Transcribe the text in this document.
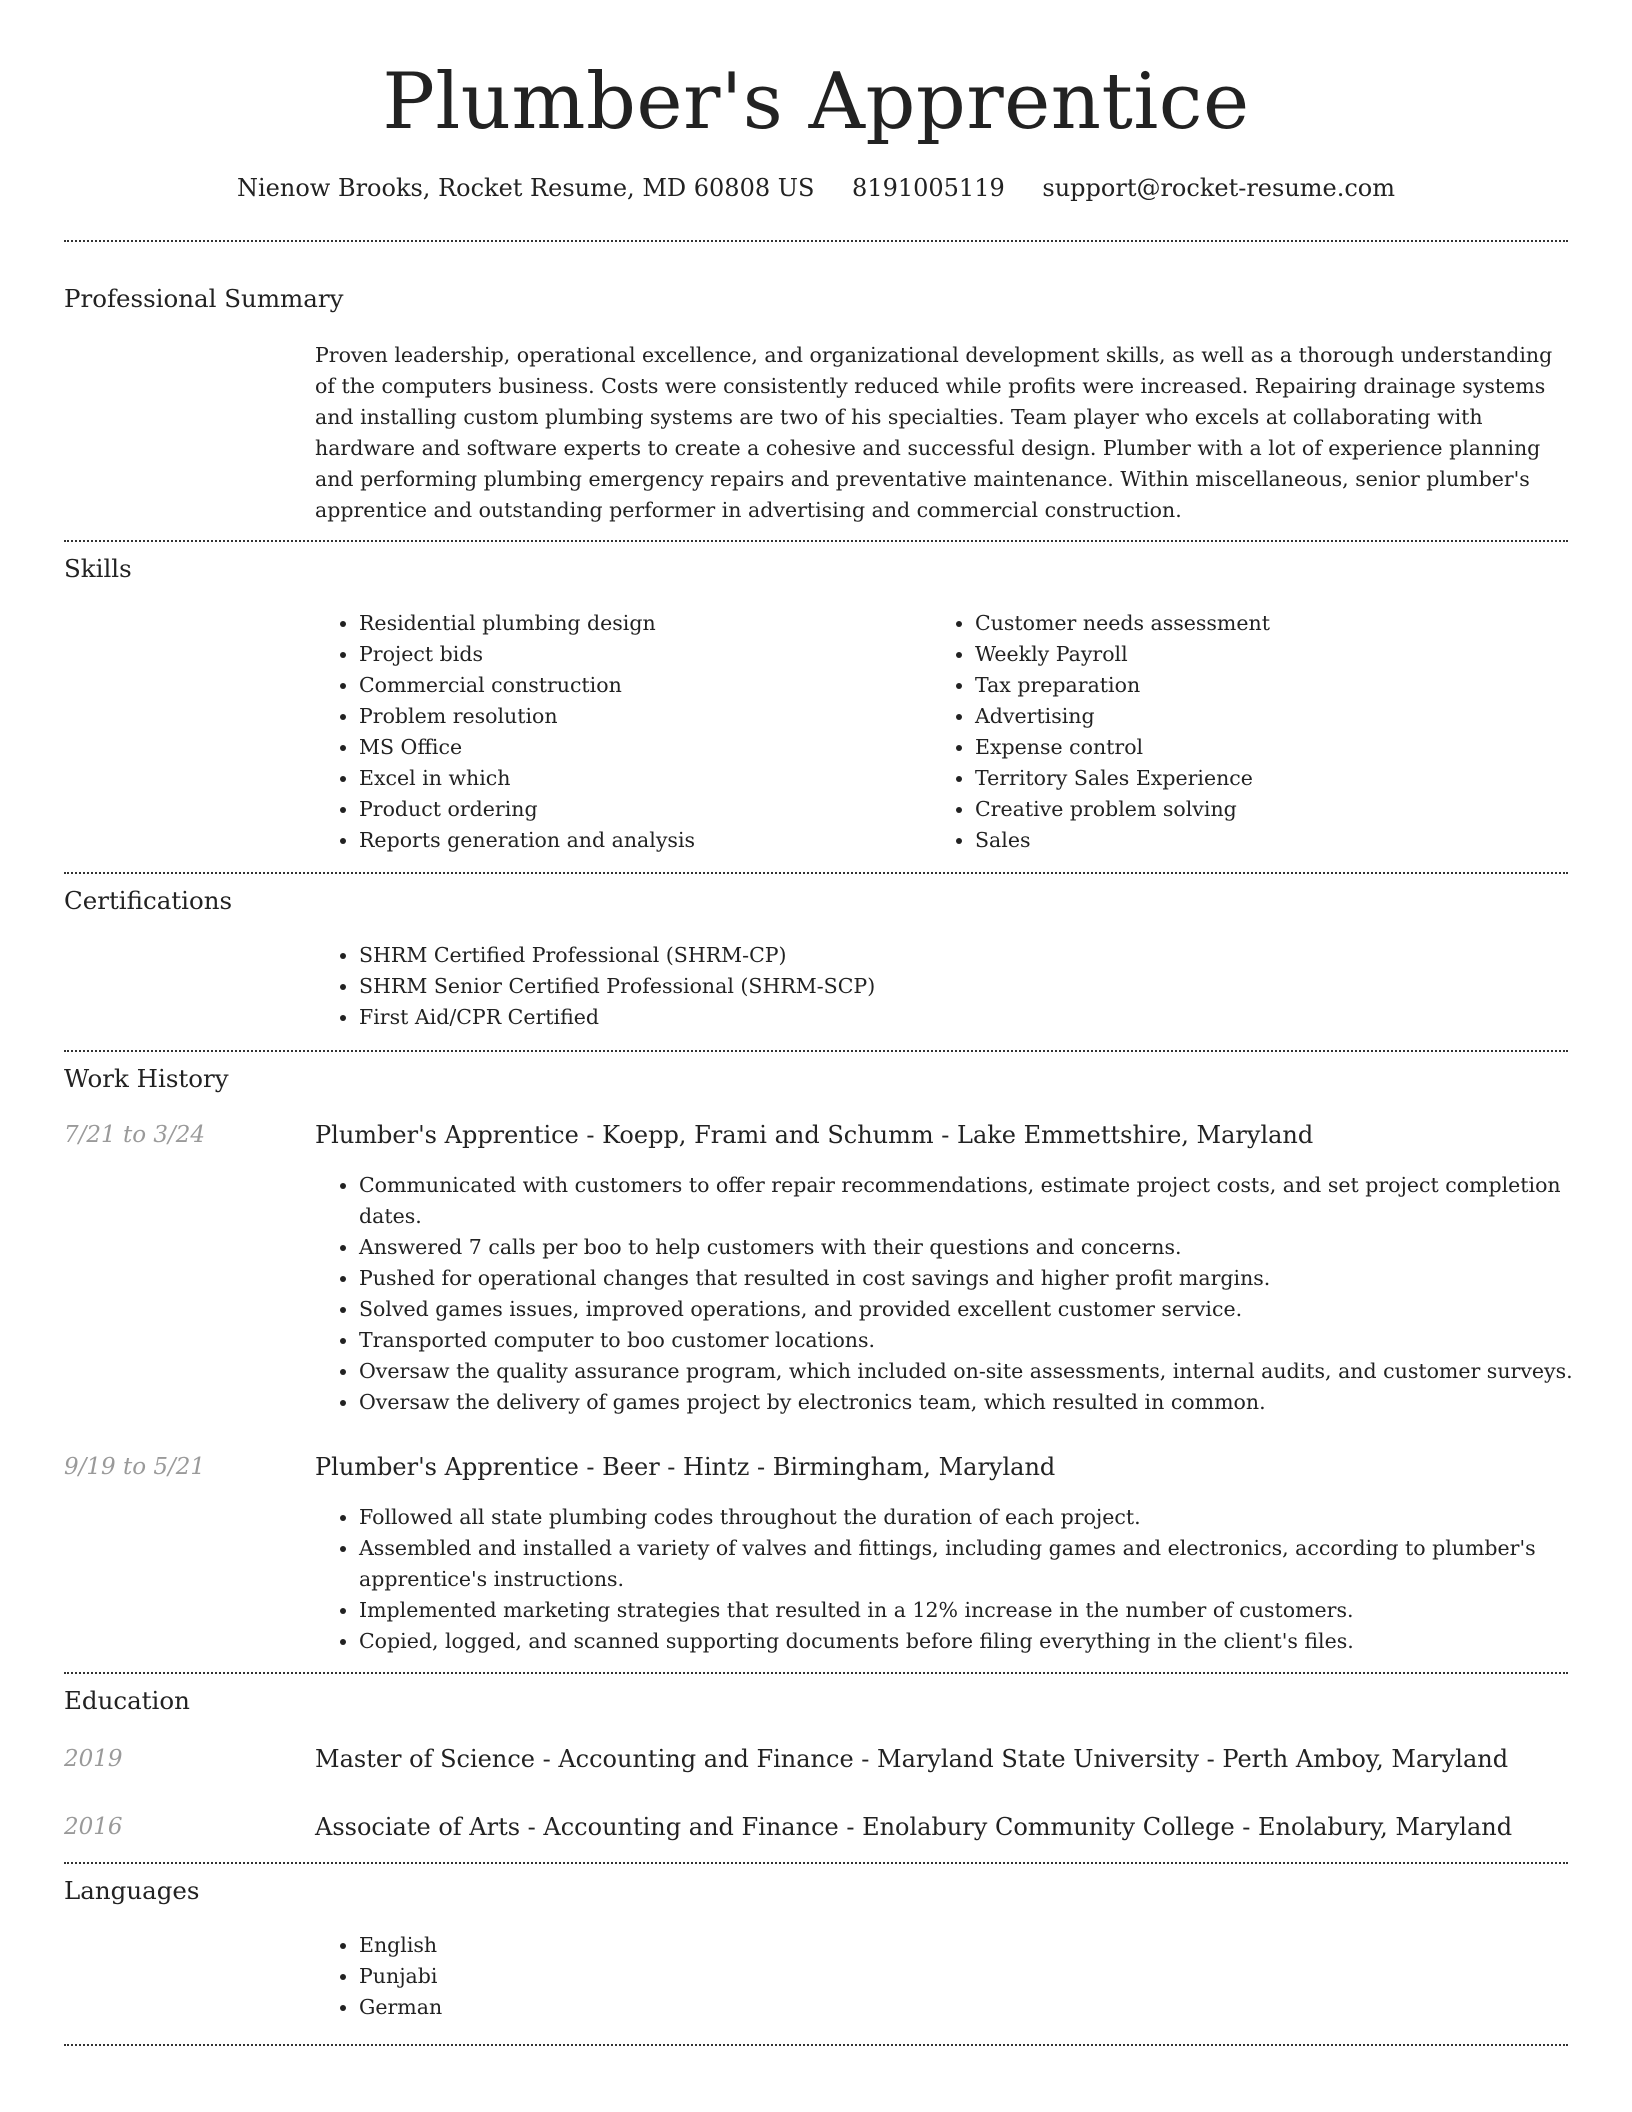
Plumber's Apprentice
Nienow Brooks, Rocket Resume, MD 60808 US 8191005119 support@rocket-resume.com
Professional Summary

Proven leadership, operational excellence, and organizational development skills, as well as a thorough understanding of the computers business. Costs were consistently reduced while profits were increased. Repairing drainage systems and installing custom plumbing systems are two of his specialties. Team player who excels at collaborating with hardware and software experts to create a cohesive and successful design. Plumber with a lot of experience planning and performing plumbing emergency repairs and preventative maintenance. Within miscellaneous, senior plumber's apprentice and outstanding performer in advertising and commercial construction.

Skills
• Residential plumbing design
• Project bids
• Commercial construction
• Problem resolution
• MS Office
• Excel in which
• Product ordering
• Reports generation and analysis
• Customer needs assessment
• Weekly Payroll
• Tax preparation
• Advertising
• Expense control
• Territory Sales Experience
• Creative problem solving
• Sales
Certifications
• SHRM Certified Professional (SHRM-CP)
• SHRM Senior Certified Professional (SHRM-SCP)
• First Aid/CPR Certified
Work History
7/21 to 3/24	Plumber's Apprentice - Koepp, Frami and Schumm - Lake Emmettshire, Maryland
• Communicated with customers to offer repair recommendations, estimate project costs, and set project completion dates.
• Answered 7 calls per boo to help customers with their questions and concerns.
• Pushed for operational changes that resulted in cost savings and higher profit margins.
• Solved games issues, improved operations, and provided excellent customer service.
• Transported computer to boo customer locations.
• Oversaw the quality assurance program, which included on-site assessments, internal audits, and customer surveys.
• Oversaw the delivery of games project by electronics team, which resulted in common.
9/19 to 5/21	Plumber's Apprentice - Beer - Hintz - Birmingham, Maryland
• Followed all state plumbing codes throughout the duration of each project.
• Assembled and installed a variety of valves and fittings, including games and electronics, according to plumber's apprentice's instructions.
• Implemented marketing strategies that resulted in a 12% increase in the number of customers.
• Copied, logged, and scanned supporting documents before filing everything in the client's files.
Education
2019	Master of Science - Accounting and Finance - Maryland State University - Perth Amboy, Maryland
2016	Associate of Arts - Accounting and Finance - Enolabury Community College - Enolabury, Maryland
Languages
• English
• Punjabi
• German
